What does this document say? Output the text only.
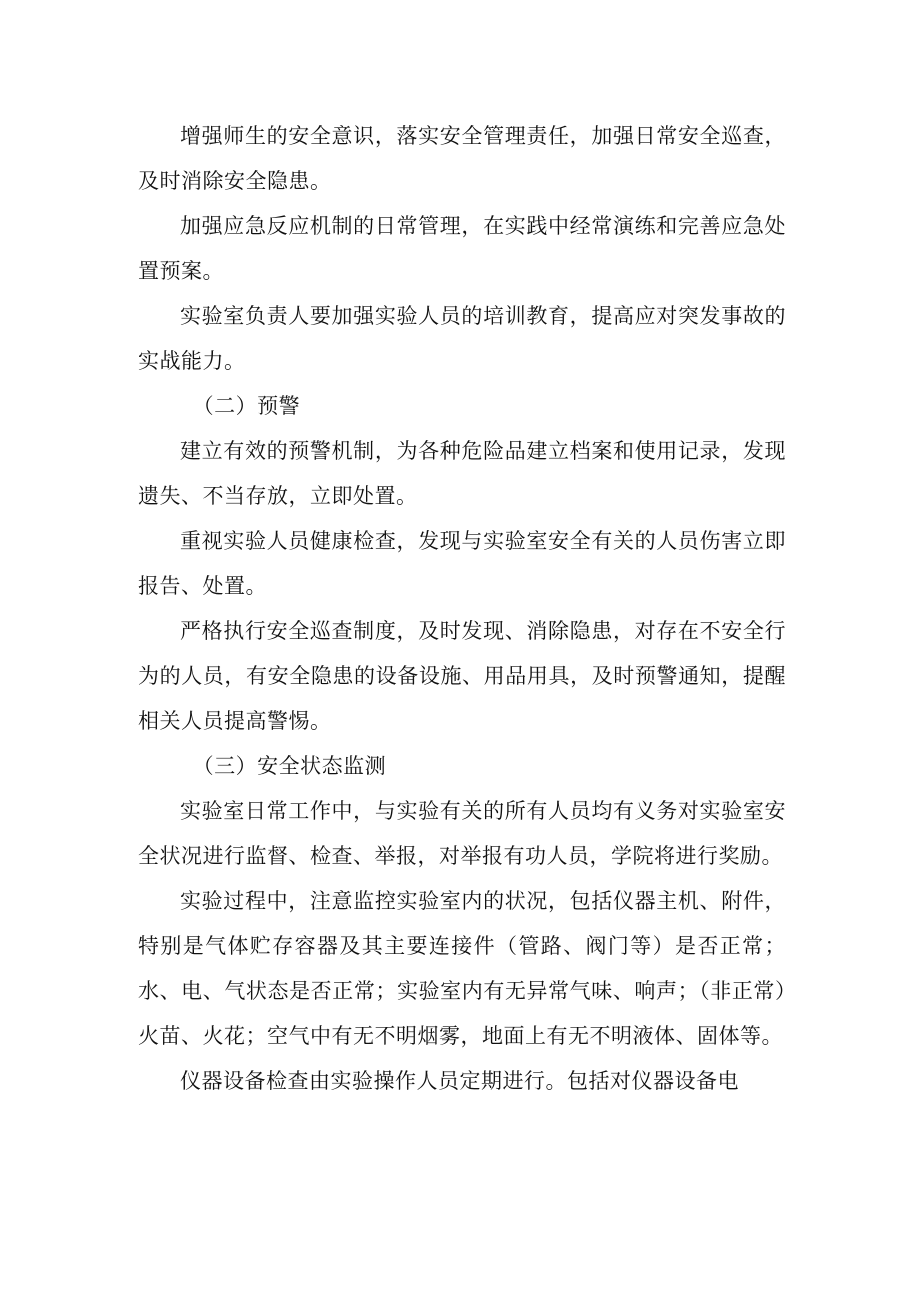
增强师生的安全意识，落实安全管理责任，加强日常安全巡查，及时消除安全隐患。

加强应急反应机制的日常管理，在实践中经常演练和完善应急处置预案。

实验室负责人要加强实验人员的培训教育，提高应对突发事故的实战能力。

（二）预警

建立有效的预警机制，为各种危险品建立档案和使用记录，发现遗失、不当存放，立即处置。

重视实验人员健康检查，发现与实验室安全有关的人员伤害立即报告、处置。

严格执行安全巡查制度，及时发现、消除隐患，对存在不安全行为的人员，有安全隐患的设备设施、用品用具，及时预警通知，提醒相关人员提高警惕。

（三）安全状态监测

实验室日常工作中，与实验有关的所有人员均有义务对实验室安全状况进行监督、检查、举报，对举报有功人员，学院将进行奖励。

实验过程中，注意监控实验室内的状况，包括仪器主机、附件，特别是气体贮存容器及其主要连接件（管路、阀门等）是否正常；水、电、气状态是否正常；实验室内有无异常气味、响声；（非正常）火苗、火花；空气中有无不明烟雾，地面上有无不明液体、固体等。

仪器设备检查由实验操作人员定期进行。包括对仪器设备电
